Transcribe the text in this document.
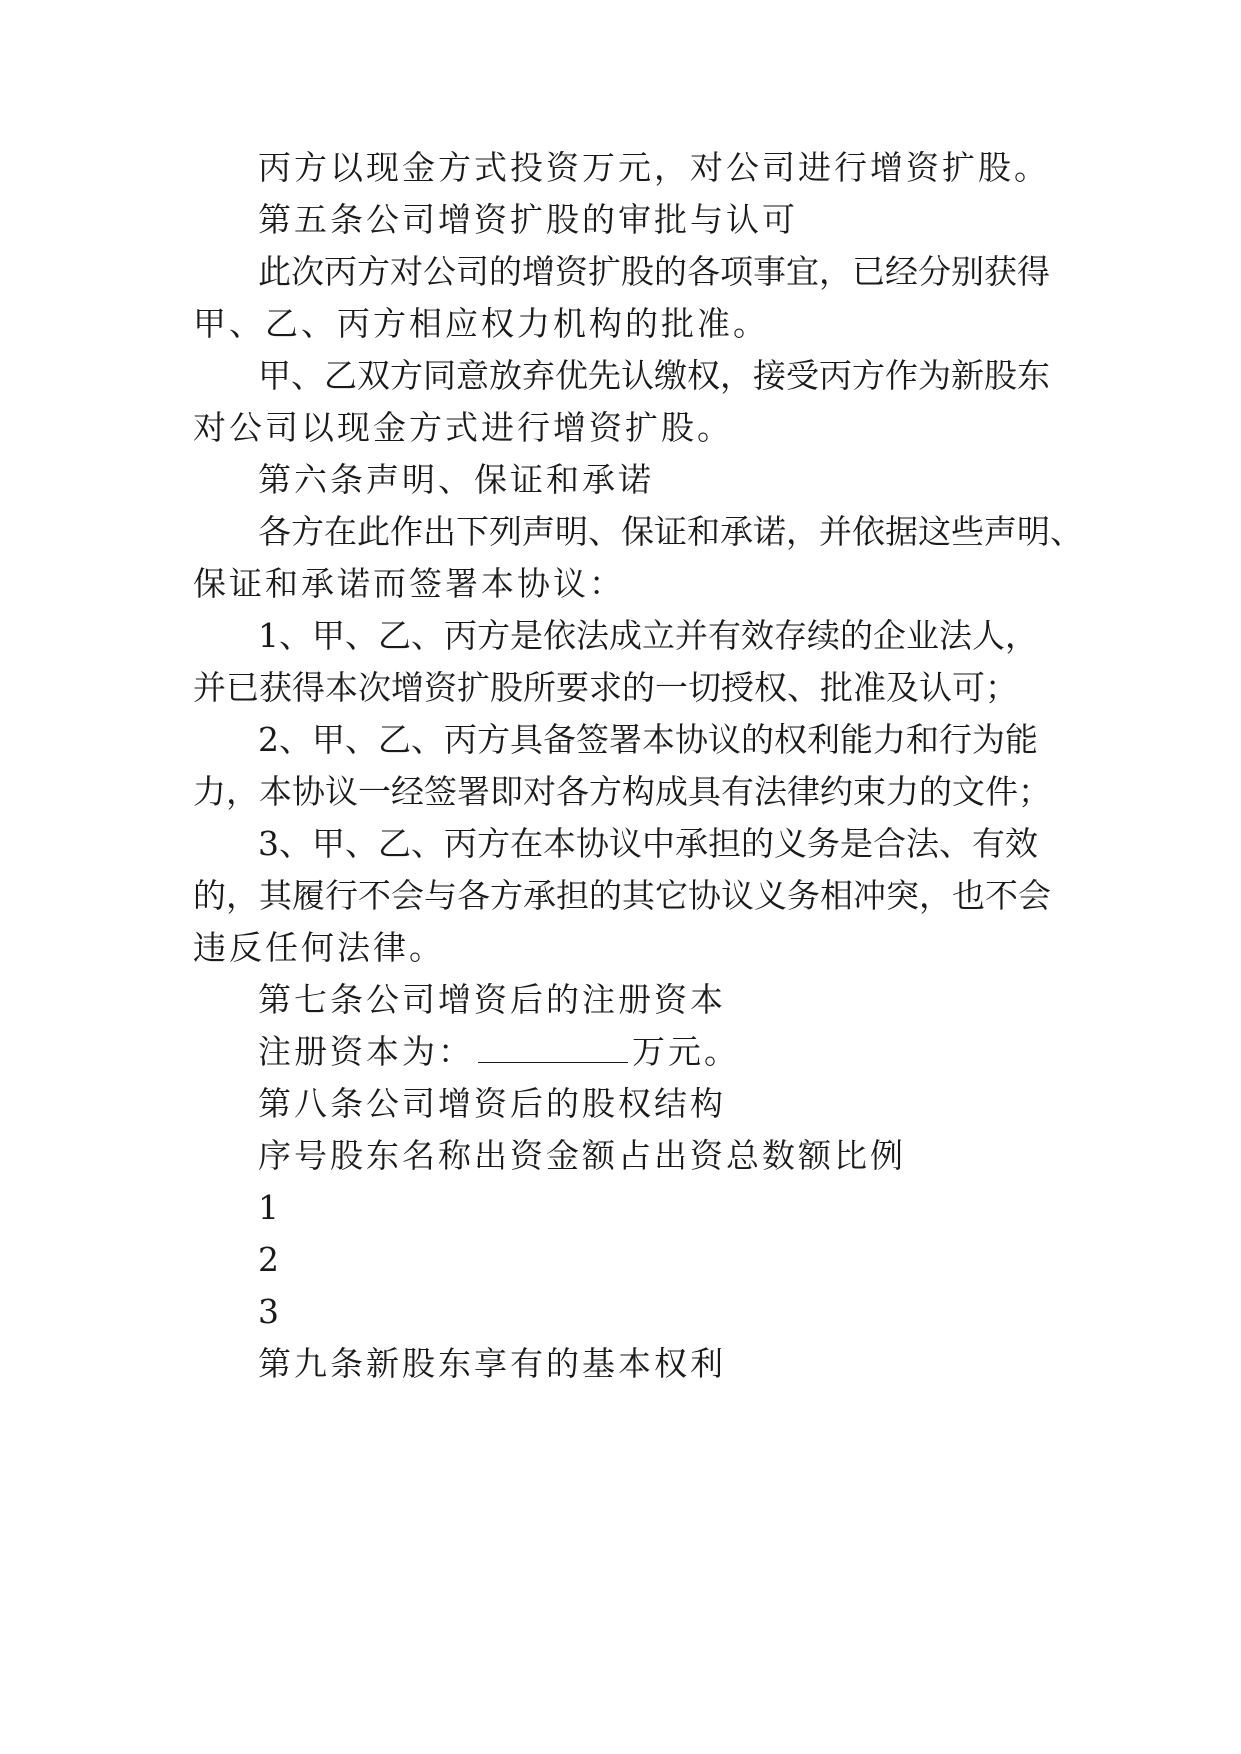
丙方以现金方式投资万元，对公司进行增资扩股。
第五条公司增资扩股的审批与认可
此次丙方对公司的增资扩股的各项事宜，已经分别获得
甲、乙、丙方相应权力机构的批准。
甲、乙双方同意放弃优先认缴权，接受丙方作为新股东
对公司以现金方式进行增资扩股。
第六条声明、保证和承诺
各方在此作出下列声明、保证和承诺，并依据这些声明、
保证和承诺而签署本协议：
1、甲、乙、丙方是依法成立并有效存续的企业法人，
并已获得本次增资扩股所要求的一切授权、批准及认可；
2、甲、乙、丙方具备签署本协议的权利能力和行为能
力，本协议一经签署即对各方构成具有法律约束力的文件；
3、甲、乙、丙方在本协议中承担的义务是合法、有效
的，其履行不会与各方承担的其它协议义务相冲突，也不会
违反任何法律。
第七条公司增资后的注册资本
注册资本为：	万元。
第八条公司增资后的股权结构
序号股东名称出资金额占出资总数额比例
1
2
3
第九条新股东享有的基本权利
